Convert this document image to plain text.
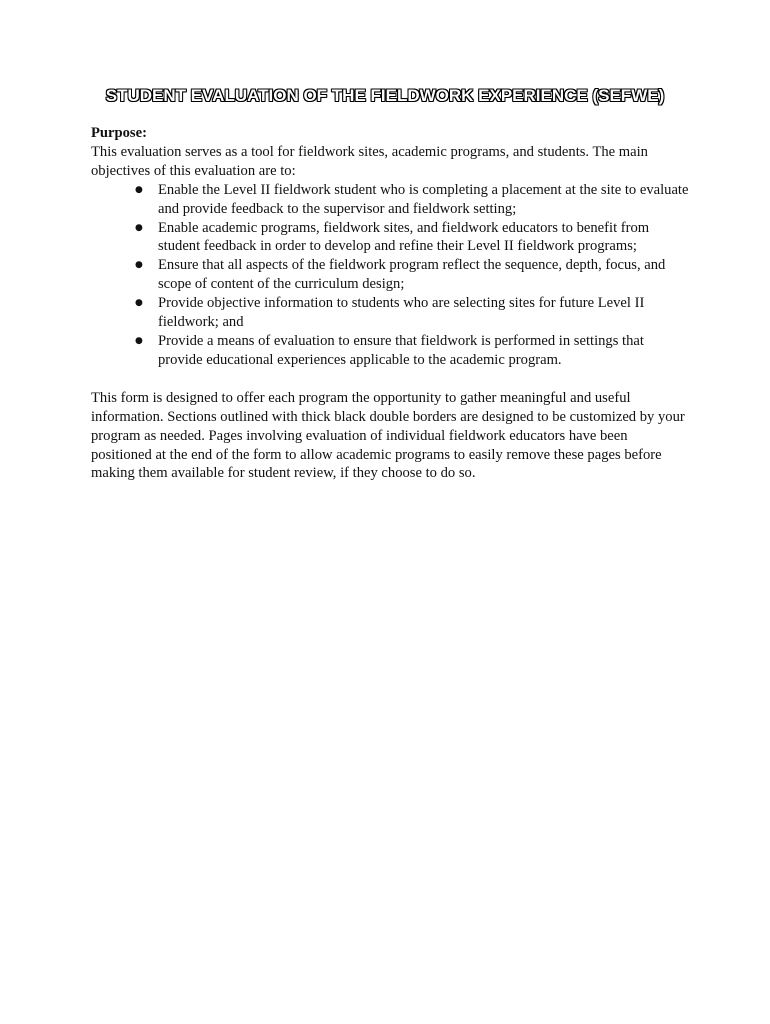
STUDENT EVALUATION OF THE FIELDWORK EXPERIENCE (SEFWE)

Purpose:

This evaluation serves as a tool for fieldwork sites, academic programs, and students. The main objectives of this evaluation are to:

● Enable the Level II fieldwork student who is completing a placement at the site to evaluate and provide feedback to the supervisor and fieldwork setting;
● Enable academic programs, fieldwork sites, and fieldwork educators to benefit from student feedback in order to develop and refine their Level II fieldwork programs;
● Ensure that all aspects of the fieldwork program reflect the sequence, depth, focus, and scope of content of the curriculum design;
● Provide objective information to students who are selecting sites for future Level II fieldwork; and
● Provide a means of evaluation to ensure that fieldwork is performed in settings that provide educational experiences applicable to the academic program.

This form is designed to offer each program the opportunity to gather meaningful and useful information. Sections outlined with thick black double borders are designed to be customized by your program as needed. Pages involving evaluation of individual fieldwork educators have been positioned at the end of the form to allow academic programs to easily remove these pages before making them available for student review, if they choose to do so.
